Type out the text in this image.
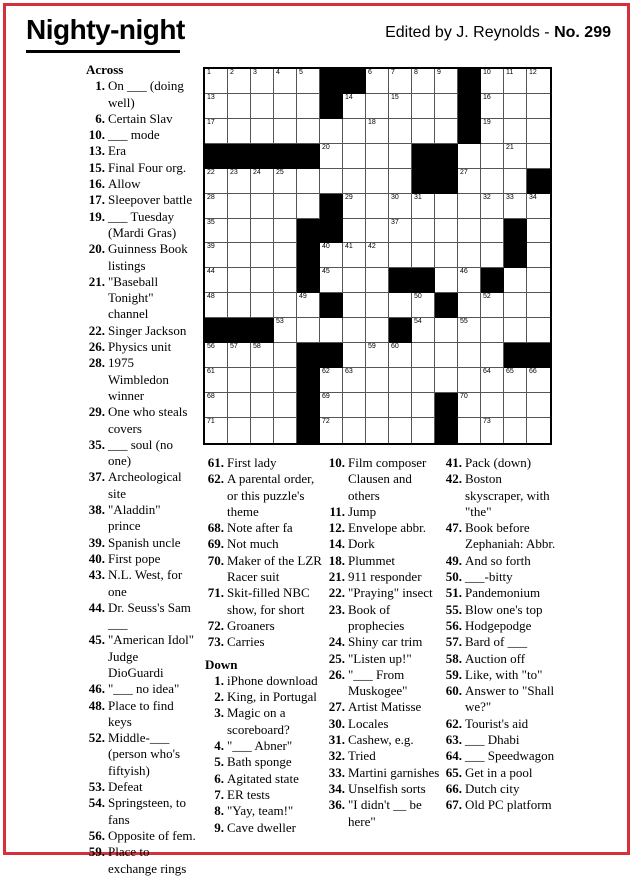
Nighty-night	Edited by J. Reynolds - No. 299
1	2	3	4	5	6	7	8	9	10 11 12
13	14	15	16
17	18	19
20	21
22 23 24 25	27
28	29	30 31	32 33 34
35	37
39	40 41 42
44	45	46
48	49	50	52
53	54	55
56 57 58	59 60
61	62 63	64 65 66
68	69	70
71	72	73
Across
1. On ___ (doing well)
6. Certain Slav
10. ___ mode
13. Era
15. Final Four org.
16. Allow
17. Sleepover battle
19. ___ Tuesday (Mardi Gras)
20. Guinness Book listings
21. "Baseball Tonight" channel
22. Singer Jackson
26. Physics unit
28. 1975 Wimbledon winner
29. One who steals covers
35. ___ soul (no one)
37. Archeological site
38. "Aladdin" prince
39. Spanish uncle
40. First pope
43. N.L. West, for one
44. Dr. Seuss's Sam ___
45. "American Idol" Judge DioGuardi
46. "___ no idea"
48. Place to find keys
52. Middle-___ (person who's fiftyish)
53. Defeat
54. Springsteen, to fans
56. Opposite of fem.
59. Place to exchange rings
61. First lady
62. A parental order, or this puzzle's theme
68. Note after fa
69. Not much
70. Maker of the LZR Racer suit
71. Skit-filled NBC show, for short
72. Groaners
73. Carries
Down
1. iPhone download
2. King, in Portugal
3. Magic on a scoreboard?
4. "___ Abner"
5. Bath sponge
6. Agitated state
7. ER tests
8. "Yay, team!"
9. Cave dweller
10. Film composer Clausen and others
11. Jump
12. Envelope abbr.
14. Dork
18. Plummet
21. 911 responder
22. "Praying" insect
23. Book of prophecies
24. Shiny car trim
25. "Listen up!"
26. "___ From Muskogee"
27. Artist Matisse
30. Locales
31. Cashew, e.g.
32. Tried
33. Martini garnishes
34. Unselfish sorts
36. "I didn't __ be here"
41. Pack (down)
42. Boston skyscraper, with "the"
47. Book before Zephaniah: Abbr.
49. And so forth
50. ___-bitty
51. Pandemonium
55. Blow one's top
56. Hodgepodge
57. Bard of ___
58. Auction off
59. Like, with "to"
60. Answer to "Shall we?"
62. Tourist's aid
63. ___ Dhabi
64. ___ Speedwagon
65. Get in a pool
66. Dutch city
67. Old PC platform
